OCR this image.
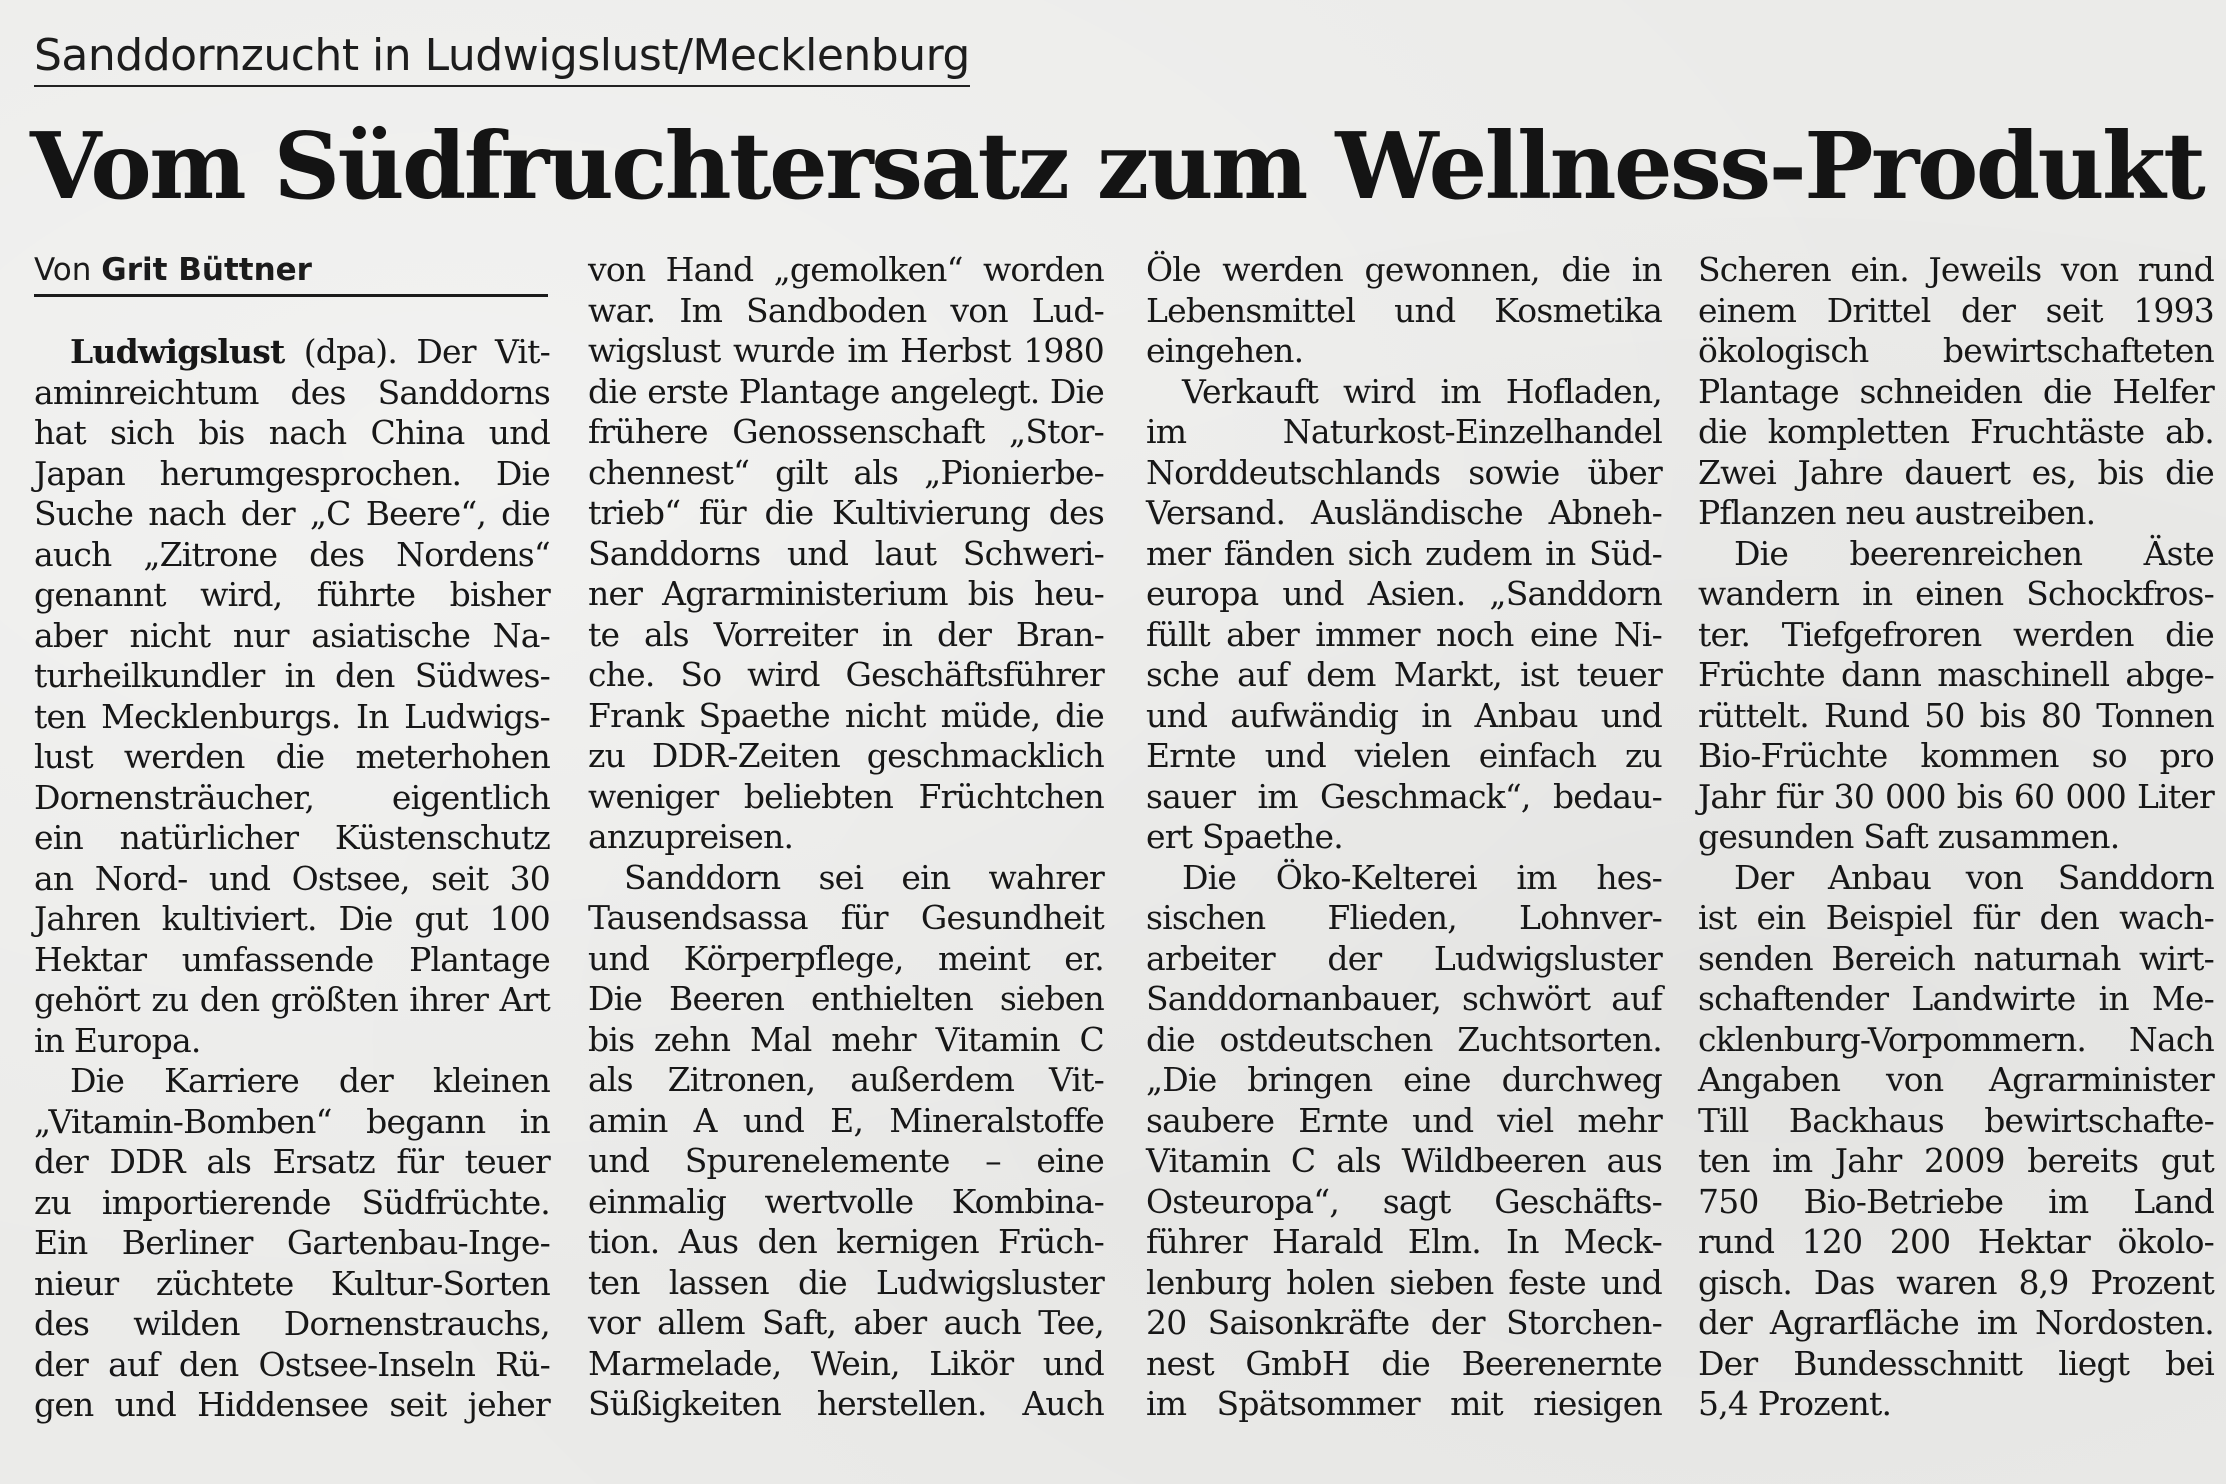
Sanddornzucht in Ludwigslust/Mecklenburg
Vom Südfruchtersatz zum Wellness-Produkt
Von Grit Büttner
Ludwigslust (dpa). Der Vit-
aminreichtum des Sanddorns
hat sich bis nach China und
Japan herumgesprochen. Die
Suche nach der „C Beere“, die
auch „Zitrone des Nordens“
genannt wird, führte bisher
aber nicht nur asiatische Na-
turheilkundler in den Südwes-
ten Mecklenburgs. In Ludwigs-
lust werden die meterhohen
Dornensträucher, eigentlich
ein natürlicher Küstenschutz
an Nord- und Ostsee, seit 30
Jahren kultiviert. Die gut 100
Hektar umfassende Plantage
gehört zu den größten ihrer Art
in Europa.
Die Karriere der kleinen
„Vitamin-Bomben“ begann in
der DDR als Ersatz für teuer
zu importierende Südfrüchte.
Ein Berliner Gartenbau-Inge-
nieur züchtete Kultur-Sorten
des wilden Dornenstrauchs,
der auf den Ostsee-Inseln Rü-
gen und Hiddensee seit jeher
von Hand „gemolken“ worden
war. Im Sandboden von Lud-
wigslust wurde im Herbst 1980
die erste Plantage angelegt. Die
frühere Genossenschaft „Stor-
chennest“ gilt als „Pionierbe-
trieb“ für die Kultivierung des
Sanddorns und laut Schweri-
ner Agrarministerium bis heu-
te als Vorreiter in der Bran-
che. So wird Geschäftsführer
Frank Spaethe nicht müde, die
zu DDR-Zeiten geschmacklich
weniger beliebten Früchtchen
anzupreisen.
Sanddorn sei ein wahrer
Tausendsassa für Gesundheit
und Körperpflege, meint er.
Die Beeren enthielten sieben
bis zehn Mal mehr Vitamin C
als Zitronen, außerdem Vit-
amin A und E, Mineralstoffe
und Spurenelemente – eine
einmalig wertvolle Kombina-
tion. Aus den kernigen Früch-
ten lassen die Ludwigsluster
vor allem Saft, aber auch Tee,
Marmelade, Wein, Likör und
Süßigkeiten herstellen. Auch
Öle werden gewonnen, die in
Lebensmittel und Kosmetika
eingehen.
Verkauft wird im Hofladen,
im Naturkost-Einzelhandel
Norddeutschlands sowie über
Versand. Ausländische Abneh-
mer fänden sich zudem in Süd-
europa und Asien. „Sanddorn
füllt aber immer noch eine Ni-
sche auf dem Markt, ist teuer
und aufwändig in Anbau und
Ernte und vielen einfach zu
sauer im Geschmack“, bedau-
ert Spaethe.
Die Öko-Kelterei im hes-
sischen Flieden, Lohnver-
arbeiter der Ludwigsluster
Sanddornanbauer, schwört auf
die ostdeutschen Zuchtsorten.
„Die bringen eine durchweg
saubere Ernte und viel mehr
Vitamin C als Wildbeeren aus
Osteuropa“, sagt Geschäfts-
führer Harald Elm. In Meck-
lenburg holen sieben feste und
20 Saisonkräfte der Storchen-
nest GmbH die Beerenernte
im Spätsommer mit riesigen
Scheren ein. Jeweils von rund
einem Drittel der seit 1993
ökologisch bewirtschafteten
Plantage schneiden die Helfer
die kompletten Fruchtäste ab.
Zwei Jahre dauert es, bis die
Pflanzen neu austreiben.
Die beerenreichen Äste
wandern in einen Schockfros-
ter. Tiefgefroren werden die
Früchte dann maschinell abge-
rüttelt. Rund 50 bis 80 Tonnen
Bio-Früchte kommen so pro
Jahr für 30 000 bis 60 000 Liter
gesunden Saft zusammen.
Der Anbau von Sanddorn
ist ein Beispiel für den wach-
senden Bereich naturnah wirt-
schaftender Landwirte in Me-
cklenburg-Vorpommern. Nach
Angaben von Agrarminister
Till Backhaus bewirtschafte-
ten im Jahr 2009 bereits gut
750 Bio-Betriebe im Land
rund 120 200 Hektar ökolo-
gisch. Das waren 8,9 Prozent
der Agrarfläche im Nordosten.
Der Bundesschnitt liegt bei
5,4 Prozent.
